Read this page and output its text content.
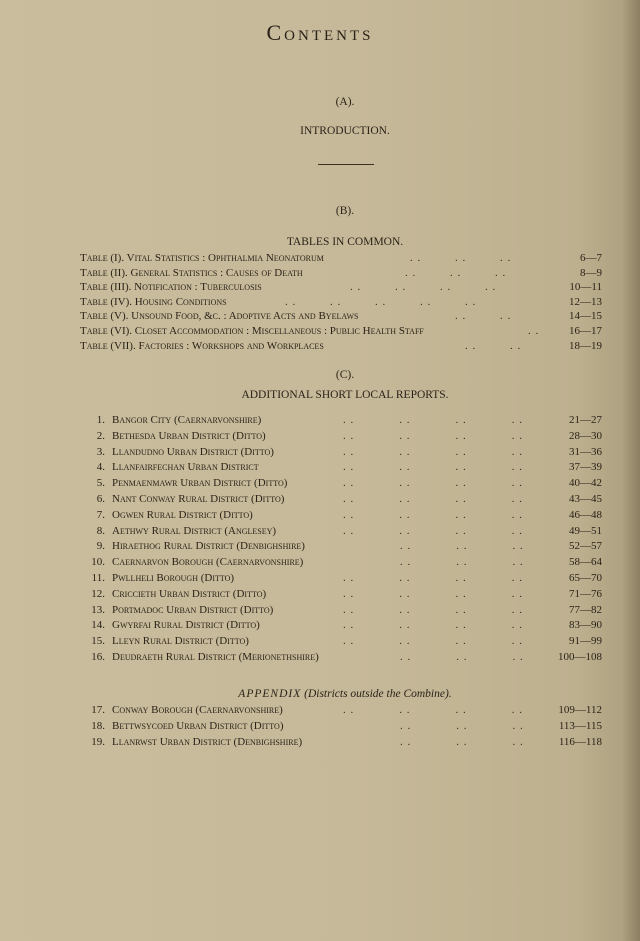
Contents
(A).
INTRODUCTION.
(B).
TABLES IN COMMON.
Table (I). Vital Statistics : Ophthalmia Neonatorum	. .         . .         . .	6—7
Table (II). General Statistics : Causes of Death	. .         . .         . .	8—9
Table (III). Notification : Tuberculosis	. .         . .         . .         . .	10—11
Table (IV). Housing Conditions	. .         . .         . .         . .         . .	12—13
Table (V). Unsound Food, &c. : Adoptive Acts and Byelaws	. .         . .	14—15
Table (VI). Closet Accommodation : Miscellaneous : Public Health Staff	. .	16—17
Table (VII). Factories : Workshops and Workplaces	. .         . .	18—19
(C).
ADDITIONAL SHORT LOCAL REPORTS.
1. Bangor City (Caernarvonshire)	. .            . .            . .            . .	21—27
2. Bethesda Urban District (Ditto)	. .            . .            . .            . .	28—30
3. Llandudno Urban District (Ditto)	. .            . .            . .            . .	31—36
4. Llanfairfechan Urban District	. .            . .            . .            . .	37—39
5. Penmaenmawr Urban District (Ditto)	. .            . .            . .            . .	40—42
6. Nant Conway Rural District (Ditto)	. .            . .            . .            . .	43—45
7. Ogwen Rural District (Ditto)	. .            . .            . .            . .	46—48
8. Aethwy Rural District (Anglesey)	. .            . .            . .            . .	49—51
9. Hiraethog Rural District (Denbighshire)	. .            . .            . .	52—57
10. Caernarvon Borough (Caernarvonshire)	. .            . .            . .	58—64
11. Pwllheli Borough (Ditto)	. .            . .            . .            . .	65—70
12. Criccieth Urban District (Ditto)	. .            . .            . .            . .	71—76
13. Portmadoc Urban District (Ditto)	. .            . .            . .            . .	77—82
14. Gwyrfai Rural District (Ditto)	. .            . .            . .            . .	83—90
15. Lleyn Rural District (Ditto)	. .            . .            . .            . .	91—99
16. Deudraeth Rural District (Merionethshire)	. .            . .            . .	100—108
APPENDIX (Districts outside the Combine).
17. Conway Borough (Caernarvonshire)	. .            . .            . .            . .	109—112
18. Bettwsycoed Urban District (Ditto)	. .            . .            . .	113—115
19. Llanrwst Urban District (Denbighshire)	. .            . .            . .	116—118
